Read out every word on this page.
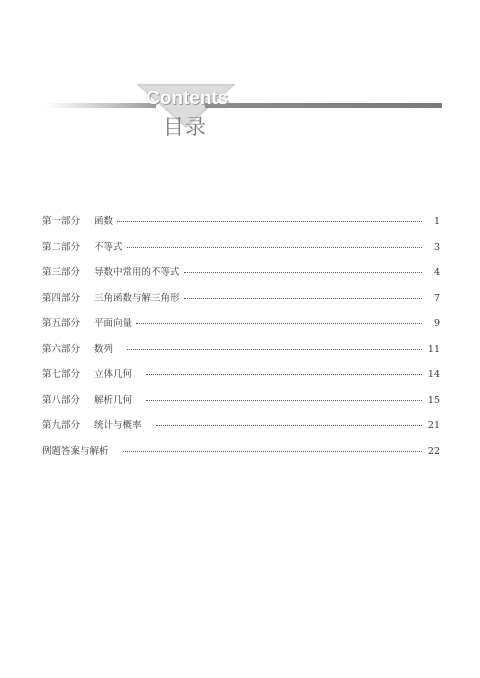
Contents
目录
第一部分	函数	1
第二部分	不等式	3
第三部分	导数中常用的不等式	4
第四部分	三角函数与解三角形	7
第五部分	平面向量	9
第六部分	数列	11
第七部分	立体几何	14
第八部分	解析几何	15
第九部分	统计与概率	21
例题答案与解析	22
